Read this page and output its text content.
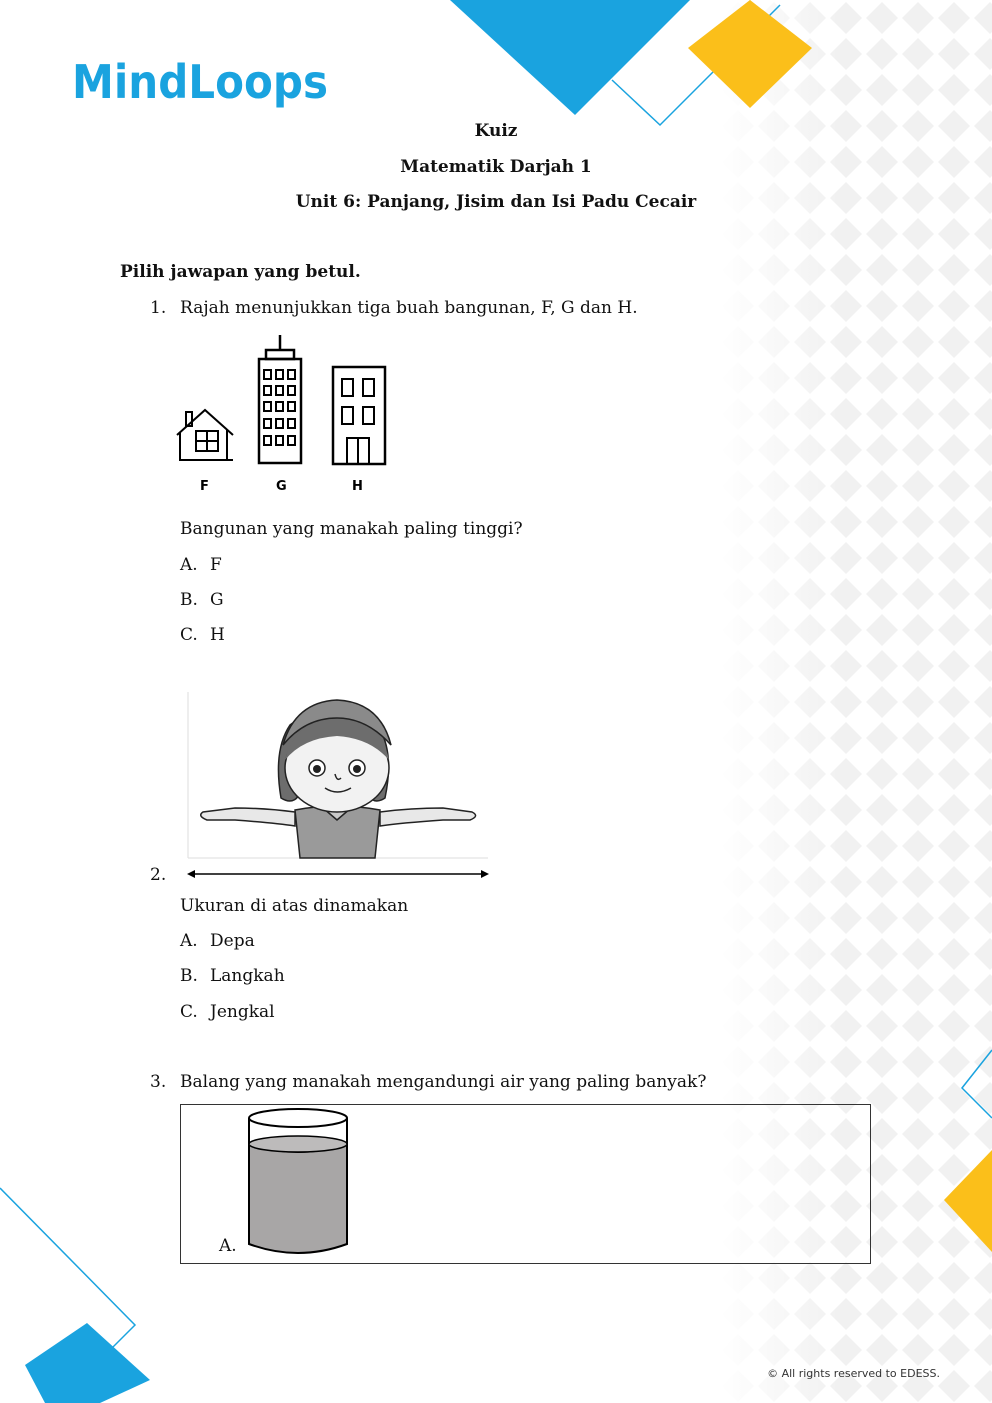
MindLoops
Kuiz
Matematik Darjah 1
Unit 6: Panjang, Jisim dan Isi Padu Cecair
Pilih jawapan yang betul.
1. Rajah menunjukkan tiga buah bangunan, F, G dan H.
F	G	H
Bangunan yang manakah paling tinggi?
A. F
B. G
C. H
2.
Ukuran di atas dinamakan
A. Depa
B. Langkah
C. Jengkal
3. Balang yang manakah mengandungi air yang paling banyak?
A.
© All rights reserved to EDESS.
